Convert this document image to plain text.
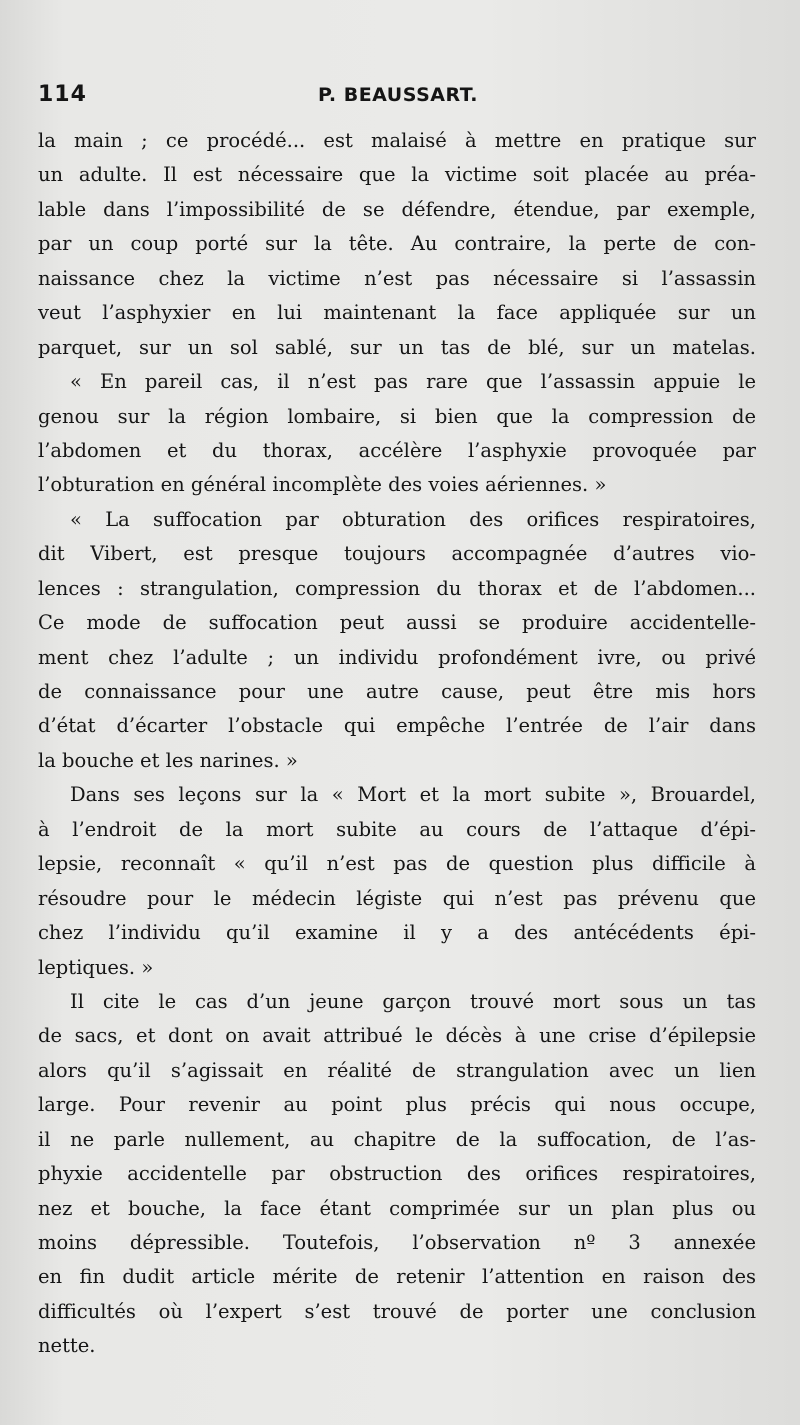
114	P. BEAUSSART.
la main ; ce procédé... est malaisé à mettre en pratique sur
un adulte. Il est nécessaire que la victime soit placée au préa-
lable dans l’impossibilité de se défendre, étendue, par exemple,
par un coup porté sur la tête. Au contraire, la perte de con-
naissance chez la victime n’est pas nécessaire si l’assassin
veut l’asphyxier en lui maintenant la face appliquée sur un
parquet, sur un sol sablé, sur un tas de blé, sur un matelas.
« En pareil cas, il n’est pas rare que l’assassin appuie le
genou sur la région lombaire, si bien que la compression de
l’abdomen et du thorax, accélère l’asphyxie provoquée par
l’obturation en général incomplète des voies aériennes. »
« La suffocation par obturation des orifices respiratoires,
dit Vibert, est presque toujours accompagnée d’autres vio-
lences : strangulation, compression du thorax et de l’abdomen...
Ce mode de suffocation peut aussi se produire accidentelle-
ment chez l’adulte ; un individu profondément ivre, ou privé
de connaissance pour une autre cause, peut être mis hors
d’état d’écarter l’obstacle qui empêche l’entrée de l’air dans
la bouche et les narines. »
Dans ses leçons sur la « Mort et la mort subite », Brouardel,
à l’endroit de la mort subite au cours de l’attaque d’épi-
lepsie, reconnaît « qu’il n’est pas de question plus difficile à
résoudre pour le médecin légiste qui n’est pas prévenu que
chez l’individu qu’il examine il y a des antécédents épi-
leptiques. »
Il cite le cas d’un jeune garçon trouvé mort sous un tas
de sacs, et dont on avait attribué le décès à une crise d’épilepsie
alors qu’il s’agissait en réalité de strangulation avec un lien
large. Pour revenir au point plus précis qui nous occupe,
il ne parle nullement, au chapitre de la suffocation, de l’as-
phyxie accidentelle par obstruction des orifices respiratoires,
nez et bouche, la face étant comprimée sur un plan plus ou
moins dépressible. Toutefois, l’observation nº 3 annexée
en fin dudit article mérite de retenir l’attention en raison des
difficultés où l’expert s’est trouvé de porter une conclusion
nette.
